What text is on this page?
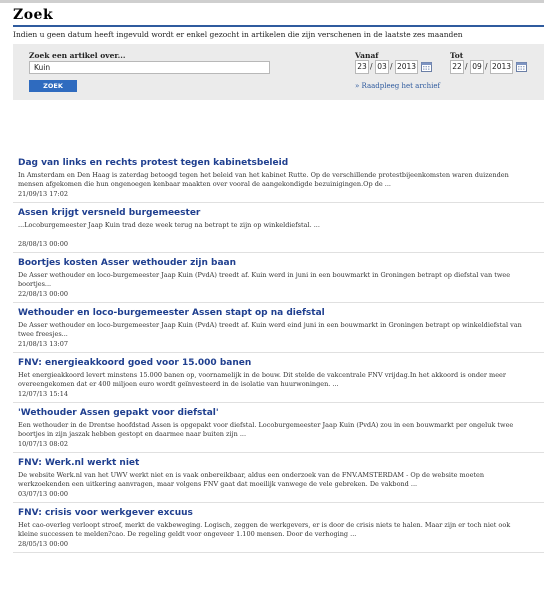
Zoek
Indien u geen datum heeft ingevuld wordt er enkel gezocht in artikelen die zijn verschenen in de laatste zes maanden
Zoek een artikel over...
Kuin
ZOEK
Vanaf
23 / 03 / 2013
Tot
22 / 09 / 2013
» Raadpleeg het archief
Dag van links en rechts protest tegen kabinetsbeleid
In Amsterdam en Den Haag is zaterdag betoogd tegen het beleid van het kabinet Rutte. Op de verschillende protestbijeenkomsten waren duizenden mensen afgekomen die hun ongenoegen kenbaar maakten over vooral de aangekondigde bezuinigingen.Op de ...
21/09/13 17:02
Assen krijgt versneld burgemeester
...Locoburgemeester Jaap Kuin trad deze week terug na betrapt te zijn op winkeldiefstal. ...
28/08/13 00:00
Boortjes kosten Asser wethouder zijn baan
De Asser wethouder en loco-burgemeester Jaap Kuin (PvdA) treedt af. Kuin werd in juni in een bouwmarkt in Groningen betrapt op diefstal van twee boortjes...
22/08/13 00:00
Wethouder en loco-burgemeester Assen stapt op na diefstal
De Asser wethouder en loco-burgemeester Jaap Kuin (PvdA) treedt af. Kuin werd eind juni in een bouwmarkt in Groningen betrapt op winkeldiefstal van twee freesjes...
21/08/13 13:07
FNV: energieakkoord goed voor 15.000 banen
Het energieakkoord levert minstens 15.000 banen op, voornamelijk in de bouw. Dit stelde de vakcentrale FNV vrijdag.In het akkoord is onder meer overeengekomen dat er 400 miljoen euro wordt geïnvesteerd in de isolatie van huurwoningen. ...
12/07/13 15:14
'Wethouder Assen gepakt voor diefstal'
Een wethouder in de Drentse hoofdstad Assen is opgepakt voor diefstal. Locoburgemeester Jaap Kuin (PvdA) zou in een bouwmarkt per ongeluk twee boortjes in zijn jaszak hebben gestopt en daarmee naar buiten zijn ...
10/07/13 08:02
FNV: Werk.nl werkt niet
De website Werk.nl van het UWV werkt niet en is vaak onbereikbaar, aldus een onderzoek van de FNV.AMSTERDAM - Op de website moeten werkzoekenden een uitkering aanvragen, maar volgens FNV gaat dat moeilijk vanwege de vele gebreken. De vakbond ...
03/07/13 00:00
FNV: crisis voor werkgever excuus
Het cao-overleg verloopt stroef, merkt de vakbeweging. Logisch, zeggen de werkgevers, er is door de crisis niets te halen. Maar zijn er toch niet ook kleine successen te melden?cao. De regeling geldt voor ongeveer 1.100 mensen. Door de verhoging ...
28/05/13 00:00
